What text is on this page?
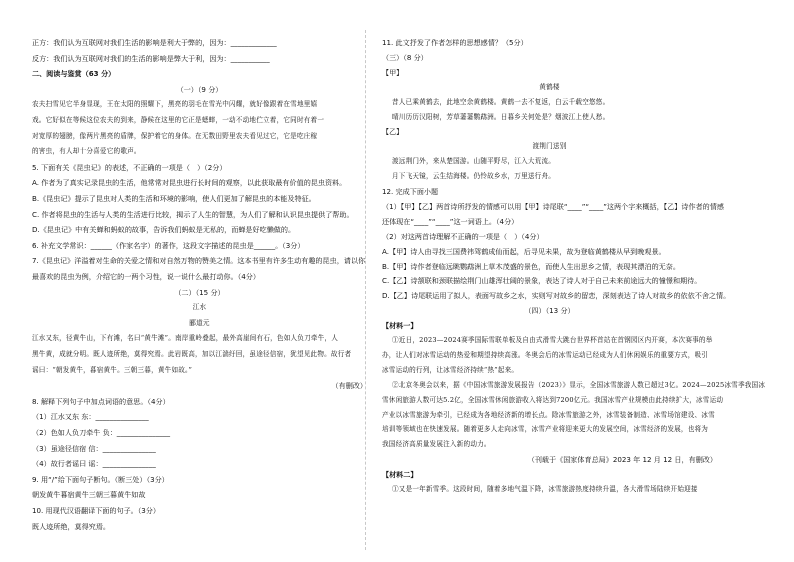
正方：我们认为互联网对我们生活的影响是利大于弊的，因为：_____________
反方：我们认为互联网对我们的生活的影响是弊大于利，因为：___________
二、阅读与鉴赏（63 分）
（一）（9 分）
农夫扫雪见它半身显现，王在太阳的照耀下，黑亮的羽毛在雪光中闪耀，就好像跟着在雪地里嬉
戏。它好似在等候这位农夫的到来，静候在这里的它正是蟋蟀，一动不动地伫立着，它同时有着一
对宽厚的翅膀，像两片黑亮的盾牌，保护着它的身体。在无数田野里农夫看见过它，它是吃庄稼
的害虫，有人却十分喜爱它的歌声。
5. 下面有关《昆虫记》的表述，不正确的一项是（　）（2分）
A. 作者为了真实记录昆虫的生活，他常常对昆虫进行长时间的观察，以此获取最有价值的昆虫资料。
B.《昆虫记》提示了昆虫对人类的生活和环境的影响，使人们更加了解昆虫的本能及特征。
C. 作者将昆虫的生活与人类的生活进行比较，揭示了人生的智慧，为人们了解和认识昆虫提供了帮助。
D.《昆虫记》中有关蝉和蚂蚁的故事，告诉我们蚂蚁是无私的，而蝉是好吃懒做的。
6. 补充文学常识：______（作家名字）的著作，这段文字描述的昆虫是______。（3分）
7.《昆虫记》洋溢着对生命的关爱之情和对自然万物的赞美之情。这本书里有许多生动有趣的昆虫，请以你
最喜欢的昆虫为例，介绍它的一两个习性，说一说什么最打动你。（4分）
（二）（15 分）
江水
郦道元
江水又东，径黄牛山，下有滩，名曰“黄牛滩”。南岸重岭叠起，最外高崖间有石，色如人负刀牵牛，人
黑牛黄，成就分明。既人迹所绝，莫得究焉。此岩既高，加以江湍纡回，虽途径信宿，犹望见此物。故行者
谣曰：“朝发黄牛，暮宿黄牛。三朝三暮，黄牛如故。”
（有删改）
8. 解释下列句子中加点词语的意思。（4分）
（1）江水又东 东：_______________
（2）色如人负刀牵牛 负：_______________
（3）虽途径信宿 信：_______________
（4）故行者谣曰 谣：_______________
9. 用“/”给下面句子断句。（断三处）（3分）
朝发黄牛暮宿黄牛三朝三暮黄牛如故
10. 用现代汉语翻译下面的句子。（3分）
既人迹所绝，莫得究焉。
11. 此文抒发了作者怎样的思想感情？（5分）
（三）（8 分）
【甲】
黄鹤楼
昔人已乘黄鹤去，此地空余黄鹤楼。黄鹤一去不复返，白云千载空悠悠。
晴川历历汉阳树，芳草萋萋鹦鹉洲。日暮乡关何处是？烟波江上使人愁。
【乙】
渡荆门送别
渡远荆门外，来从楚国游。山随平野尽，江入大荒流。
月下飞天镜，云生结海楼。仍怜故乡水，万里送行舟。
12. 完成下面小题
（1）【甲】【乙】两首诗所抒发的情感可以用【甲】诗尾联“____”“____”这两个字来概括，【乙】诗作者的情感
还体现在“____”“____”这一词语上。（4分）
（2）对这两首诗理解不正确的一项是（　）（4分）
A.【甲】诗人由寻找三国费祎驾鹤成仙而起，后寻见未果，故为登临黄鹤楼从早到晚观景。
B.【甲】诗作者登临远眺鹦鹉洲上草木茂盛的景色，而使人生出思乡之情，表现其漂泊的无奈。
C.【乙】诗颔联和颈联描绘荆门山雄浑壮阔的景象，表达了诗人对于自己未来前途远大的憧憬和期待。
D.【乙】诗尾联运用了拟人，表面写故乡之水，实则写对故乡的留恋，深刻表达了诗人对故乡的依依不舍之情。
（四）（13 分）
【材料一】
①近日，2023—2024赛季国际雪联单板及自由式滑雪大跳台世界杯首站在首钢园区内开赛，本次赛事的举
办，让人们对冰雪运动的热爱和期望持续高涨。冬奥会后的冰雪运动已经成为人们休闲娱乐的重要方式，吸引
冰雪运动的行列，让冰雪经济持续“热”起来。
②北京冬奥会以来，据《中国冰雪旅游发展报告（2023）》显示，全国冰雪旅游人数已超过3亿。2024—2025冰雪季我国冰
雪休闲旅游人数可达5.2亿，全国冰雪休闲旅游收入将达到7200亿元。我国冰雪产业规模由此持续扩大，冰雪运动
产业以冰雪旅游为牵引，已经成为各地经济新的增长点。除冰雪旅游之外，冰雪装备制造、冰雪场馆建设、冰雪
培训等领域也在快速发展。随着更多人走向冰雪，冰雪产业将迎来更大的发展空间，冰雪经济的发展，也将为
我国经济高质量发展注入新的动力。
（刊载于《国家体育总局》2023 年 12 月 12 日，有删改）
【材料二】
①又是一年新雪季。这段时间，随着多地气温下降，冰雪旅游热度持续升温，各大滑雪场陆续开始迎接
